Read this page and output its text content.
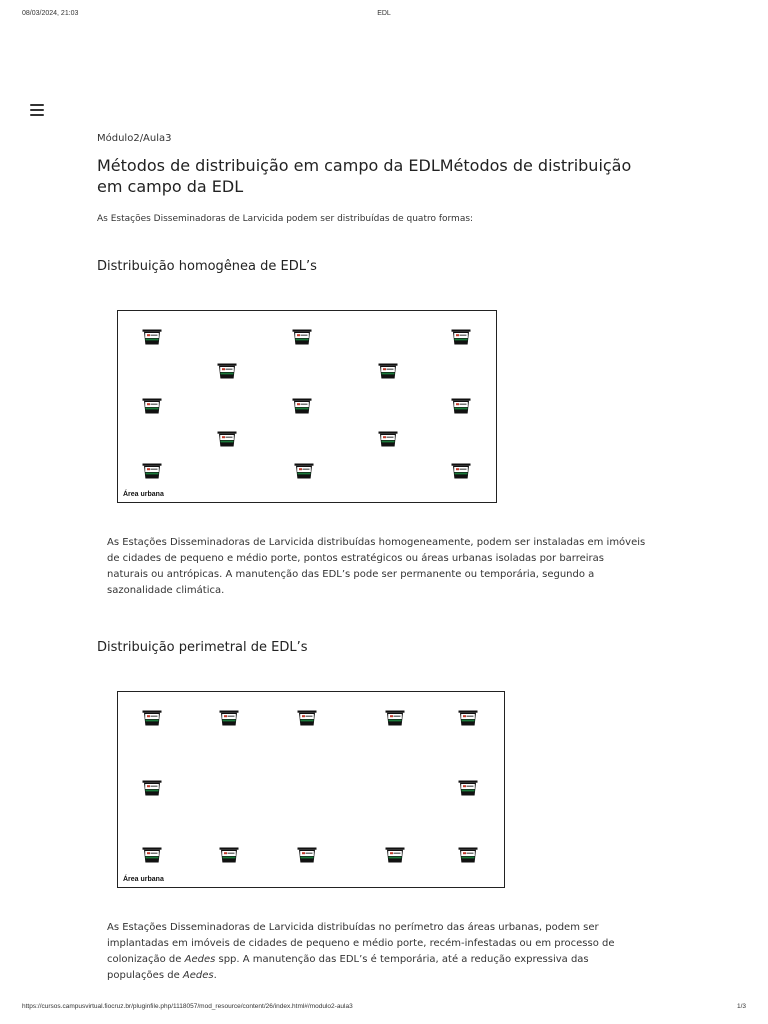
08/03/2024, 21:03	EDL
Módulo2/Aula3
Métodos de distribuição em campo da EDLMétodos de distribuição em campo da EDL
As Estações Disseminadoras de Larvicida podem ser distribuídas de quatro formas:
Distribuição homogênea de EDL’s
Área urbana

As Estações Disseminadoras de Larvicida distribuídas homogeneamente, podem ser instaladas em imóveis de cidades de pequeno e médio porte, pontos estratégicos ou áreas urbanas isoladas por barreiras naturais ou antrópicas. A manutenção das EDL’s pode ser permanente ou temporária, segundo a sazonalidade climática.

Distribuição perimetral de EDL’s
Área urbana

As Estações Disseminadoras de Larvicida distribuídas no perímetro das áreas urbanas, podem ser implantadas em imóveis de cidades de pequeno e médio porte, recém-infestadas ou em processo de colonização de Aedes spp. A manutenção das EDL’s é temporária, até a redução expressiva das populações de Aedes.

https://cursos.campusvirtual.fiocruz.br/pluginfile.php/1118057/mod_resource/content/26/index.html#/modulo2-aula3	1/3
